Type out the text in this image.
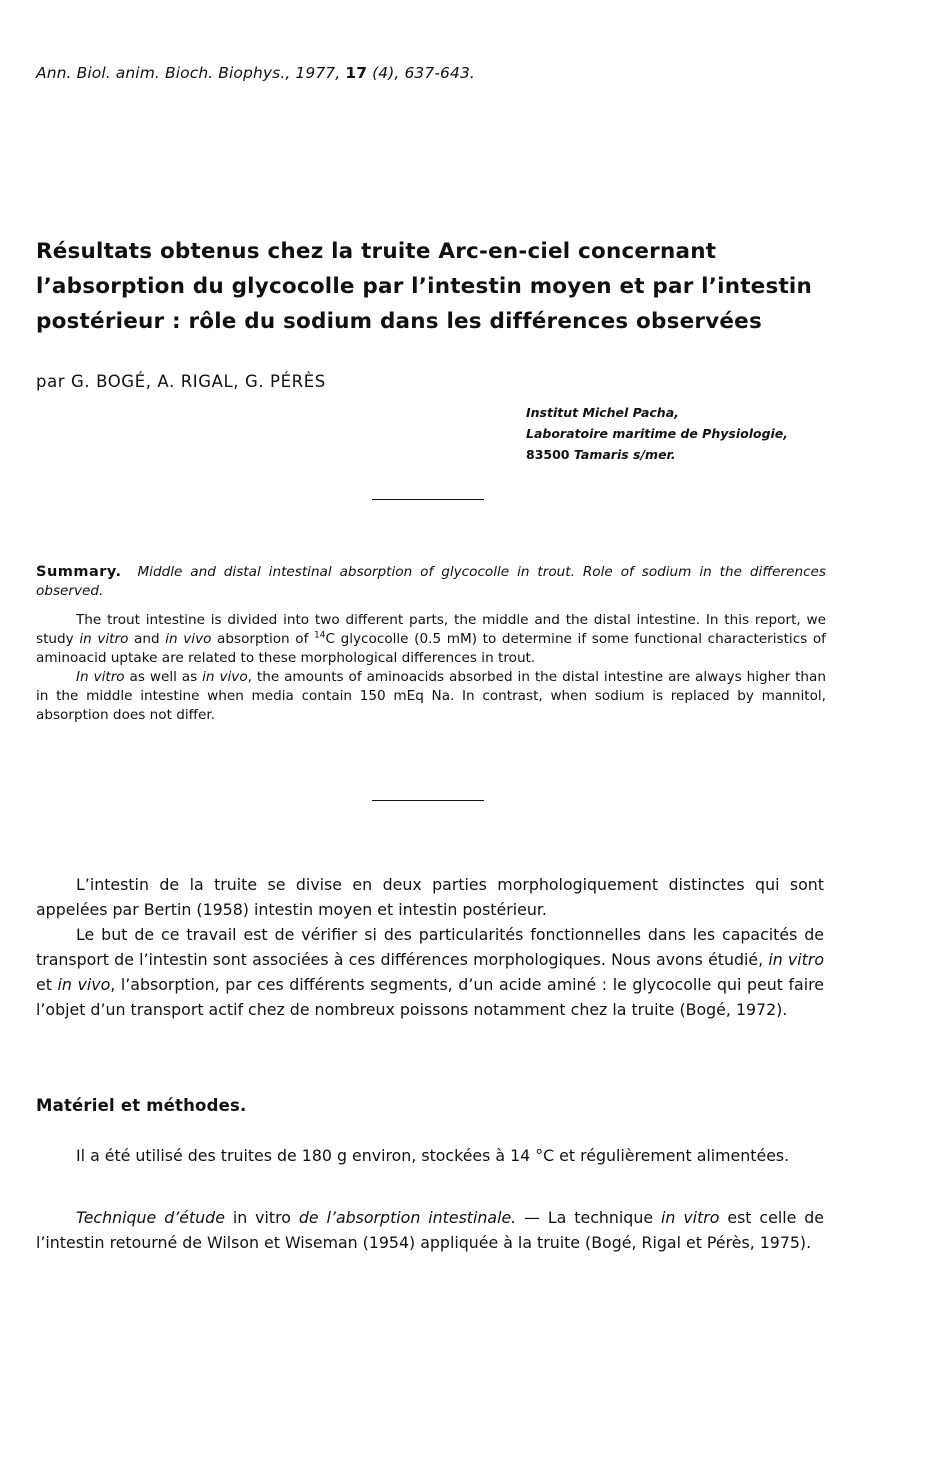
Ann. Biol. anim. Bioch. Biophys., 1977, 17 (4), 637-643.
Résultats obtenus chez la truite Arc-en-ciel concernant
l’absorption du glycocolle par l’intestin moyen et par l’intestin
postérieur : rôle du sodium dans les différences observées
par G. BOGÉ, A. RIGAL, G. PÉRÈS
Institut Michel Pacha,
Laboratoire maritime de Physiologie,
83500 Tamaris s/mer.

Summary. Middle and distal intestinal absorption of glycocolle in trout. Role of sodium in the differences observed.

The trout intestine is divided into two different parts, the middle and the distal intestine. In this report, we study in vitro and in vivo absorption of $^{14}$C glycocolle (0.5 mM) to determine if some functional characteristics of aminoacid uptake are related to these morphological differences in trout.

In vitro as well as in vivo, the amounts of aminoacids absorbed in the distal intestine are always higher than in the middle intestine when media contain 150 mEq Na. In contrast, when sodium is replaced by mannitol, absorption does not differ.

L’intestin de la truite se divise en deux parties morphologiquement distinctes qui sont appelées par Bertin (1958) intestin moyen et intestin postérieur.

Le but de ce travail est de vérifier si des particularités fonctionnelles dans les capacités de transport de l’intestin sont associées à ces différences morphologiques. Nous avons étudié, in vitro et in vivo, l’absorption, par ces différents segments, d’un acide aminé : le glycocolle qui peut faire l’objet d’un transport actif chez de nombreux poissons notamment chez la truite (Bogé, 1972).

Matériel et méthodes.

Il a été utilisé des truites de 180 g environ, stockées à 14 °C et régulièrement alimentées.

Technique d’étude in vitro de l’absorption intestinale. — La technique in vitro est celle de l’intestin retourné de Wilson et Wiseman (1954) appliquée à la truite (Bogé, Rigal et Pérès, 1975).
